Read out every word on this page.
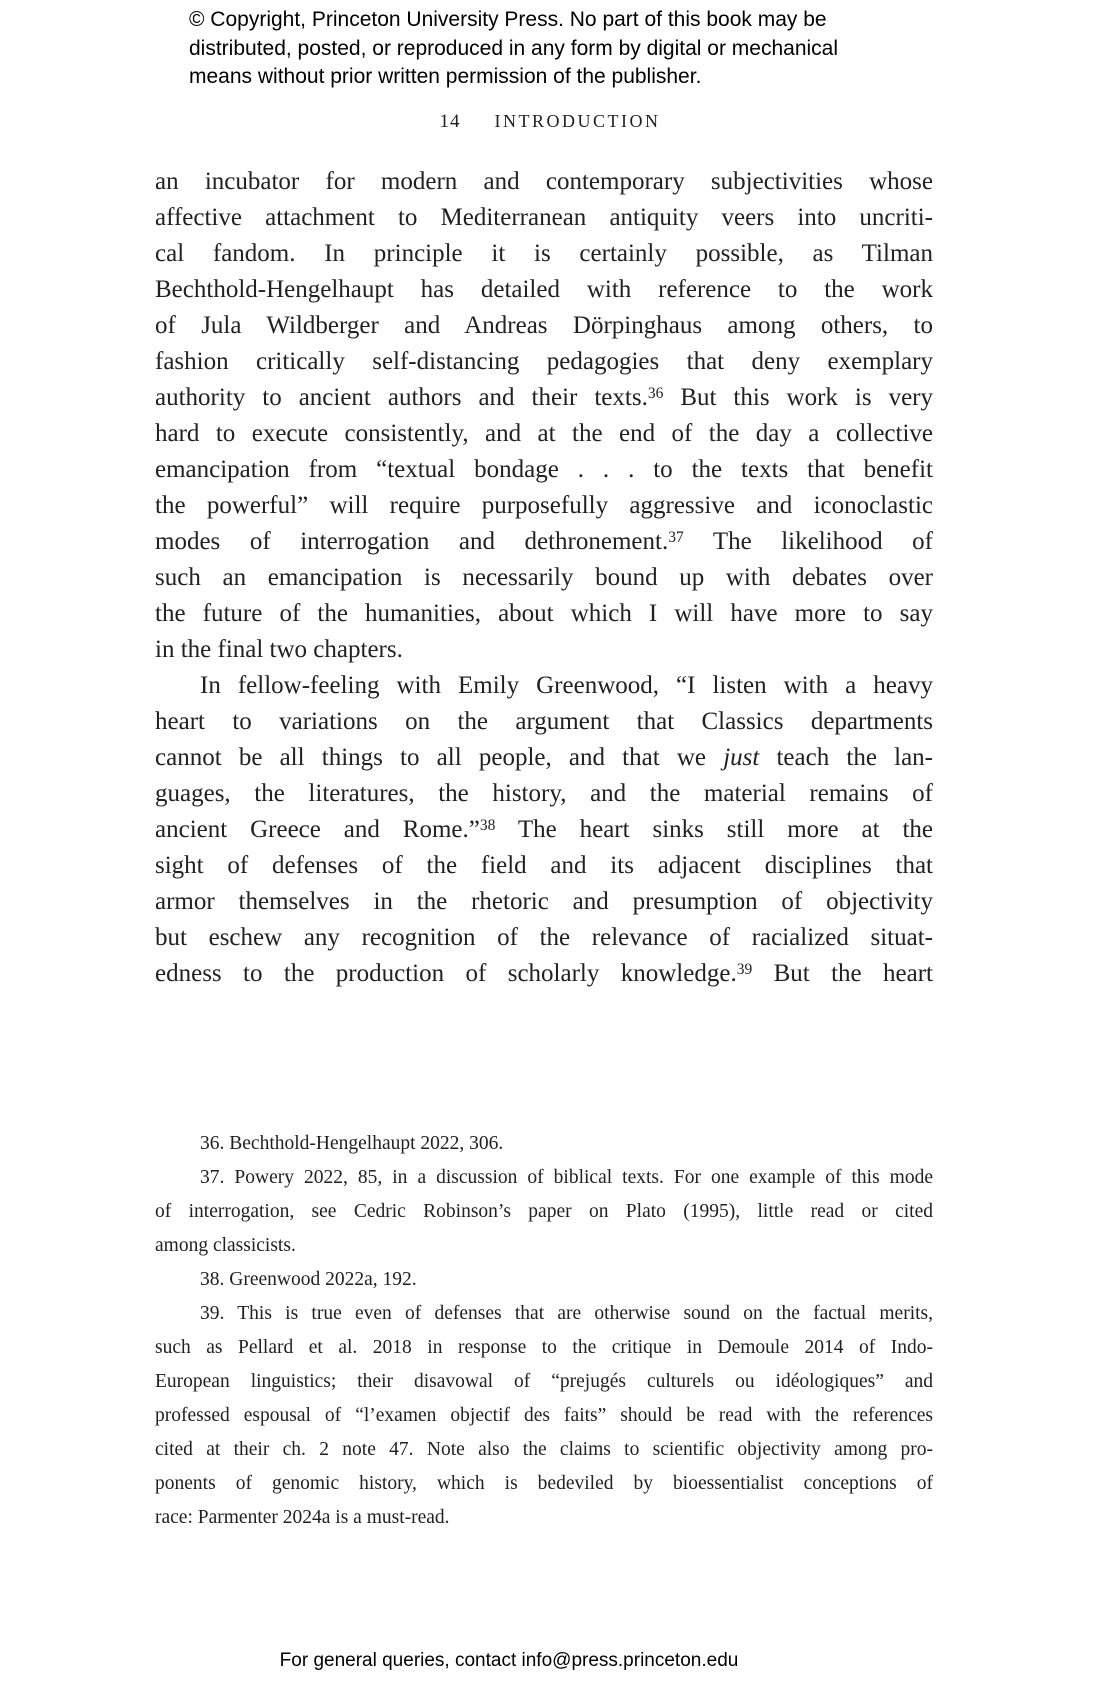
© Copyright, Princeton University Press. No part of this book may be
distributed, posted, or reproduced in any form by digital or mechanical
means without prior written permission of the publisher.
14 INTRODUCTION
an incubator for modern and contemporary subjectivities whose
affective attachment to Mediterranean antiquity veers into uncriti-
cal fandom. In principle it is certainly possible, as Tilman
Bechthold-Hengelhaupt has detailed with reference to the work
of Jula Wildberger and Andreas Dörpinghaus among others, to
fashion critically self-distancing pedagogies that deny exemplary
authority to ancient authors and their texts.$^{36}$ But this work is very
hard to execute consistently, and at the end of the day a collective
emancipation from “textual bondage . . . to the texts that benefit
the powerful” will require purposefully aggressive and iconoclastic
modes of interrogation and dethronement.$^{37}$ The likelihood of
such an emancipation is necessarily bound up with debates over
the future of the humanities, about which I will have more to say
in the final two chapters.
In fellow-feeling with Emily Greenwood, “I listen with a heavy
heart to variations on the argument that Classics departments
cannot be all things to all people, and that we just teach the lan-
guages, the literatures, the history, and the material remains of
ancient Greece and Rome.”$^{38}$ The heart sinks still more at the
sight of defenses of the field and its adjacent disciplines that
armor themselves in the rhetoric and presumption of objectivity
but eschew any recognition of the relevance of racialized situat-
edness to the production of scholarly knowledge.$^{39}$ But the heart
36. Bechthold-Hengelhaupt 2022, 306.
37. Powery 2022, 85, in a discussion of biblical texts. For one example of this mode
of interrogation, see Cedric Robinson’s paper on Plato (1995), little read or cited
among classicists.
38. Greenwood 2022a, 192.
39. This is true even of defenses that are otherwise sound on the factual merits,
such as Pellard et al. 2018 in response to the critique in Demoule 2014 of Indo-
European linguistics; their disavowal of “prejugés culturels ou idéologiques” and
professed espousal of “l’examen objectif des faits” should be read with the references
cited at their ch. 2 note 47. Note also the claims to scientific objectivity among pro-
ponents of genomic history, which is bedeviled by bioessentialist conceptions of
race: Parmenter 2024a is a must-read.
For general queries, contact info@press.princeton.edu
